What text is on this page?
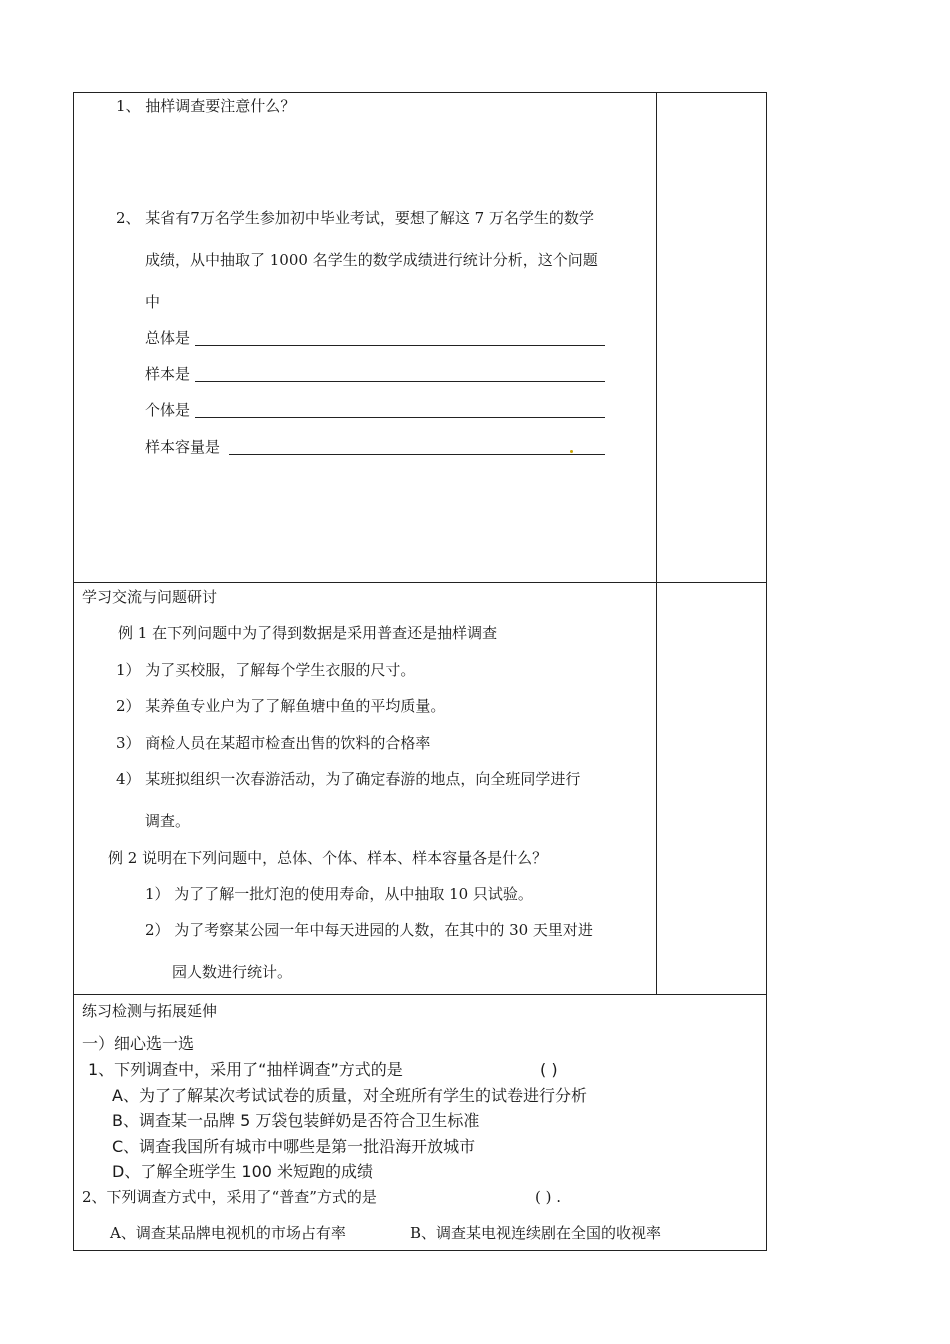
1、 抽样调查要注意什么？
2、 某省有7万名学生参加初中毕业考试，要想了解这 7 万名学生的数学
成绩，从中抽取了 1000 名学生的数学成绩进行统计分析，这个问题
中
总体是
样本是
个体是
样本容量是
学习交流与问题研讨
例 1 在下列问题中为了得到数据是采用普查还是抽样调查
1） 为了买校服，了解每个学生衣服的尺寸。
2） 某养鱼专业户为了了解鱼塘中鱼的平均质量。
3） 商检人员在某超市检查出售的饮料的合格率
4） 某班拟组织一次春游活动，为了确定春游的地点，向全班同学进行
调查。
例 2 说明在下列问题中，总体、个体、样本、样本容量各是什么？
1） 为了了解一批灯泡的使用寿命，从中抽取 10 只试验。
2） 为了考察某公园一年中每天进园的人数，在其中的 30 天里对进
园人数进行统计。
练习检测与拓展延伸
一）细心选一选
1、下列调查中，采用了“抽样调查”方式的是	( )
A、为了了解某次考试试卷的质量，对全班所有学生的试卷进行分析
B、调查某一品牌 5 万袋包装鲜奶是否符合卫生标准
C、调查我国所有城市中哪些是第一批沿海开放城市
D、了解全班学生 100 米短跑的成绩
2、下列调查方式中，采用了“普查”方式的是	( ) .
A、调查某品牌电视机的市场占有率	B、调查某电视连续剧在全国的收视率
